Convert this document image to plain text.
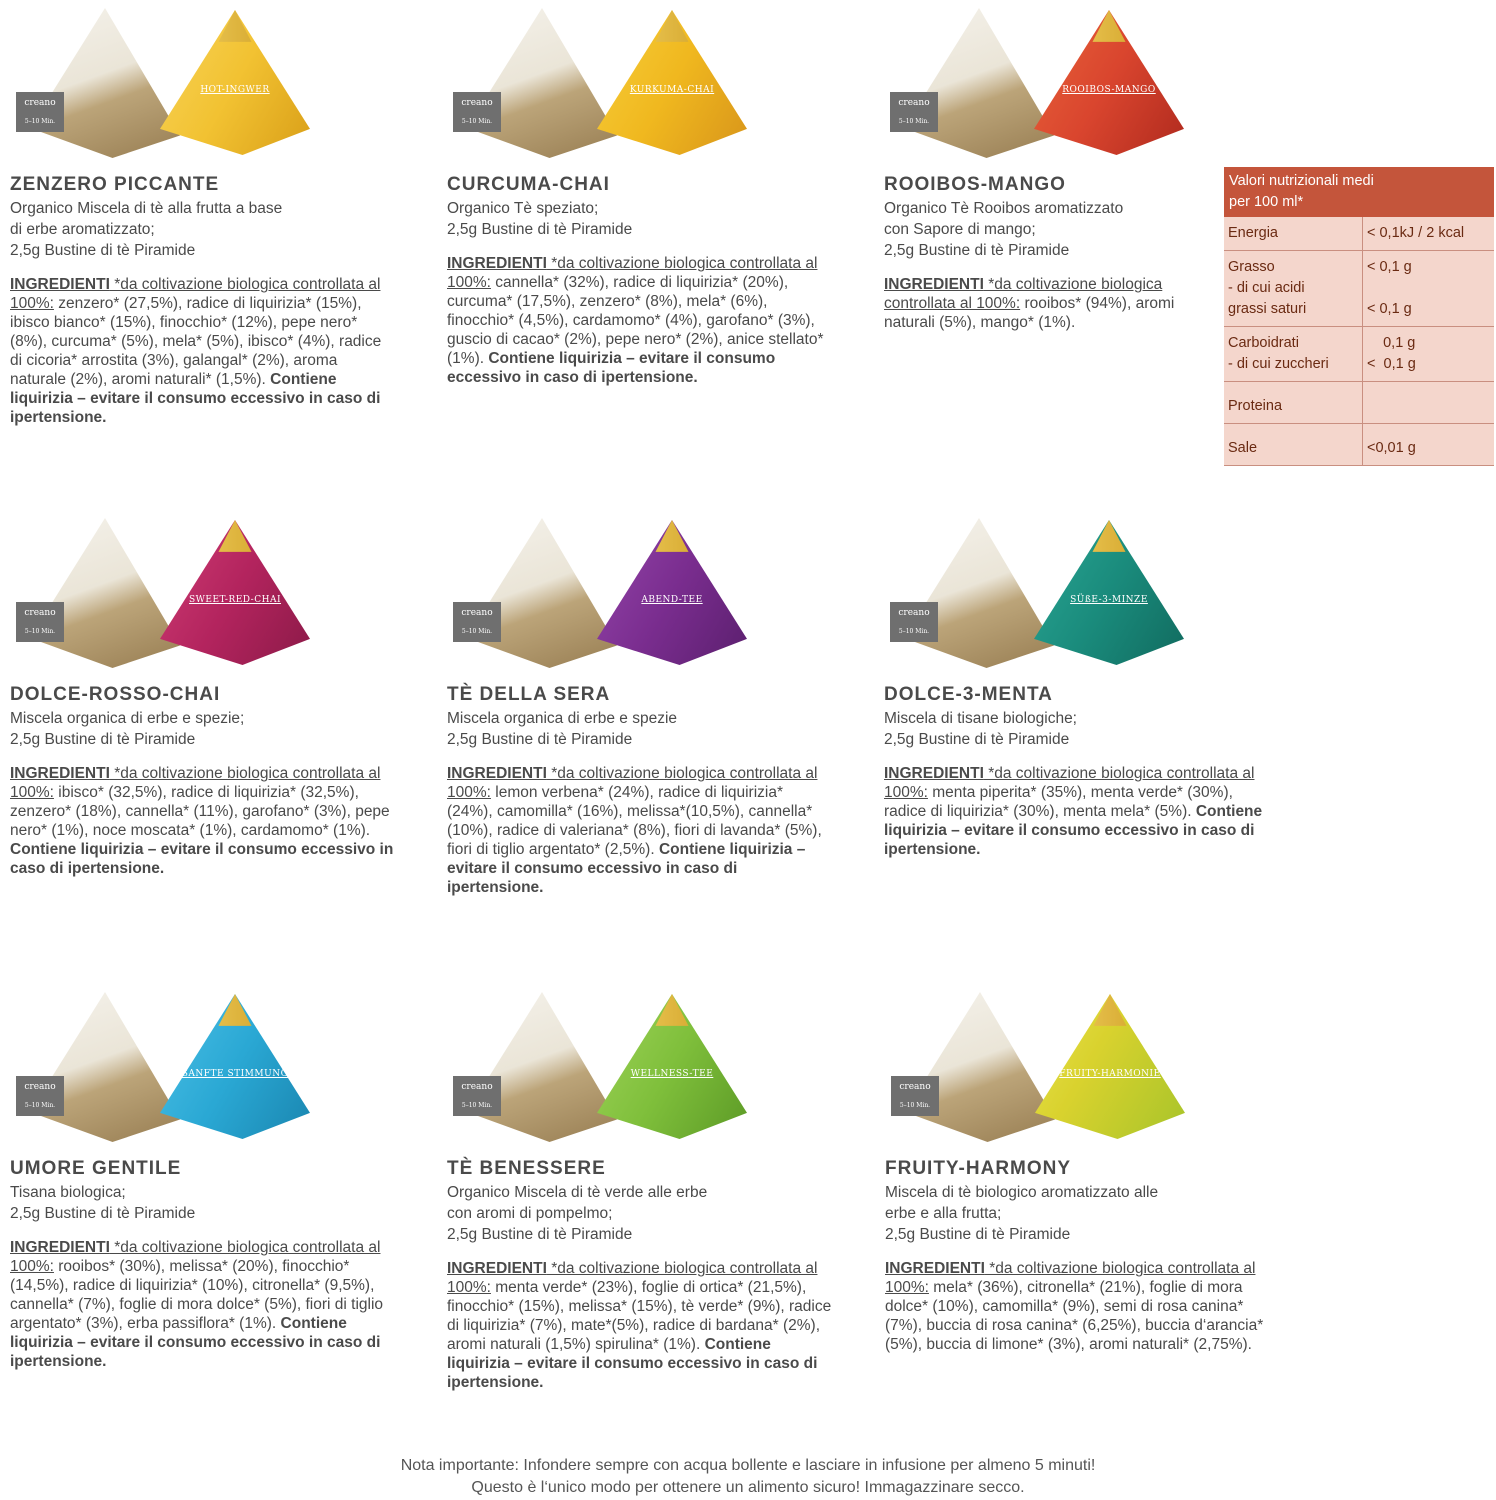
HOT-INGWER
creano
5–10 Min.
ZENZERO PICCANTE
Organico Miscela di tè alla frutta a base
di erbe aromatizzato;
2,5g Bustine di tè Piramide
INGREDIENTI *da coltivazione biologica controllata al 100%: zenzero* (27,5%), radice di liquirizia* (15%), ibisco bianco* (15%), finocchio* (12%), pepe nero* (8%), curcuma* (5%), mela* (5%), ibisco* (4%), radice di cicoria* arrostita (3%), galangal* (2%), aroma naturale (2%), aromi naturali* (1,5%). Contiene liquirizia – evitare il consumo eccessivo in caso di ipertensione.
KURKUMA-CHAI
creano
5–10 Min.
CURCUMA-CHAI
Organico Tè speziato;
2,5g Bustine di tè Piramide
INGREDIENTI *da coltivazione biologica controllata al 100%: cannella* (32%), radice di liquirizia* (20%), curcuma* (17,5%), zenzero* (8%), mela* (6%), finocchio* (4,5%), cardamomo* (4%), garofano* (3%), guscio di cacao* (2%), pepe nero* (2%), anice stellato* (1%). Contiene liquirizia – evitare il consumo eccessivo in caso di ipertensione.
ROOIBOS-MANGO
creano
5–10 Min.
ROOIBOS-MANGO
Organico Tè Rooibos aromatizzato
con Sapore di mango;
2,5g Bustine di tè Piramide
INGREDIENTI *da coltivazione biologica controllata al 100%: rooibos* (94%), aromi naturali (5%), mango* (1%).
Valori nutrizionali medi
per 100 ml*
Energia	< 0,1kJ / 2 kcal
Grasso
- di cui acidi
grassi saturi
< 0,1 g
< 0,1 g
Carboidrati
- di cui zuccheri
0,1 g
<  0,1 g
Proteina
Sale	<0,01 g
SWEET-RED-CHAI
creano
5–10 Min.
DOLCE-ROSSO-CHAI
Miscela organica di erbe e spezie;
2,5g Bustine di tè Piramide
INGREDIENTI *da coltivazione biologica controllata al 100%: ibisco* (32,5%), radice di liquirizia* (32,5%), zenzero* (18%), cannella* (11%), garofano* (3%), pepe nero* (1%), noce moscata* (1%), cardamomo* (1%). Contiene liquirizia – evitare il consumo eccessivo in caso di ipertensione.
ABEND-TEE
creano
5–10 Min.
TÈ DELLA SERA
Miscela organica di erbe e spezie
2,5g Bustine di tè Piramide
INGREDIENTI *da coltivazione biologica controllata al 100%: lemon verbena* (24%), radice di liquirizia* (24%), camomilla* (16%), melissa*(10,5%), cannella* (10%), radice di valeriana* (8%), fiori di lavanda* (5%), fiori di tiglio argentato* (2,5%). Contiene liquirizia – evitare il consumo eccessivo in caso di ipertensione.
SÜßE-3-MINZE
creano
5–10 Min.
DOLCE-3-MENTA
Miscela di tisane biologiche;
2,5g Bustine di tè Piramide
INGREDIENTI *da coltivazione biologica controllata al 100%: menta piperita* (35%), menta verde* (30%), radice di liquirizia* (30%), menta mela* (5%). Contiene liquirizia – evitare il consumo eccessivo in caso di ipertensione.
SANFTE STIMMUNG
creano
5–10 Min.
UMORE GENTILE
Tisana biologica;
2,5g Bustine di tè Piramide
INGREDIENTI *da coltivazione biologica controllata al 100%: rooibos* (30%), melissa* (20%), finocchio* (14,5%), radice di liquirizia* (10%), citronella* (9,5%), cannella* (7%), foglie di mora dolce* (5%), fiori di tiglio argentato* (3%), erba passiflora* (1%). Contiene liquirizia – evitare il consumo eccessivo in caso di ipertensione.
WELLNESS-TEE
creano
5–10 Min.
TÈ BENESSERE
Organico Miscela di tè verde alle erbe
con aromi di pompelmo;
2,5g Bustine di tè Piramide
INGREDIENTI *da coltivazione biologica controllata al 100%: menta verde* (23%), foglie di ortica* (21,5%), finocchio* (15%), melissa* (15%), tè verde* (9%), radice di liquirizia* (7%), mate*(5%), radice di bardana* (2%), aromi naturali (1,5%) spirulina* (1%). Contiene liquirizia – evitare il consumo eccessivo in caso di ipertensione.
FRUITY-HARMONIE
creano
5–10 Min.
FRUITY-HARMONY
Miscela di tè biologico aromatizzato alle
erbe e alla frutta;
2,5g Bustine di tè Piramide
INGREDIENTI *da coltivazione biologica controllata al 100%: mela* (36%), citronella* (21%), foglie di mora dolce* (10%), camomilla* (9%), semi di rosa canina* (7%), buccia di rosa canina* (6,25%), buccia d‘arancia* (5%), buccia di limone* (3%), aromi naturali* (2,75%).
Nota importante: Infondere sempre con acqua bollente e lasciare in infusione per almeno 5 minuti!
Questo è l‘unico modo per ottenere un alimento sicuro! Immagazzinare secco.
